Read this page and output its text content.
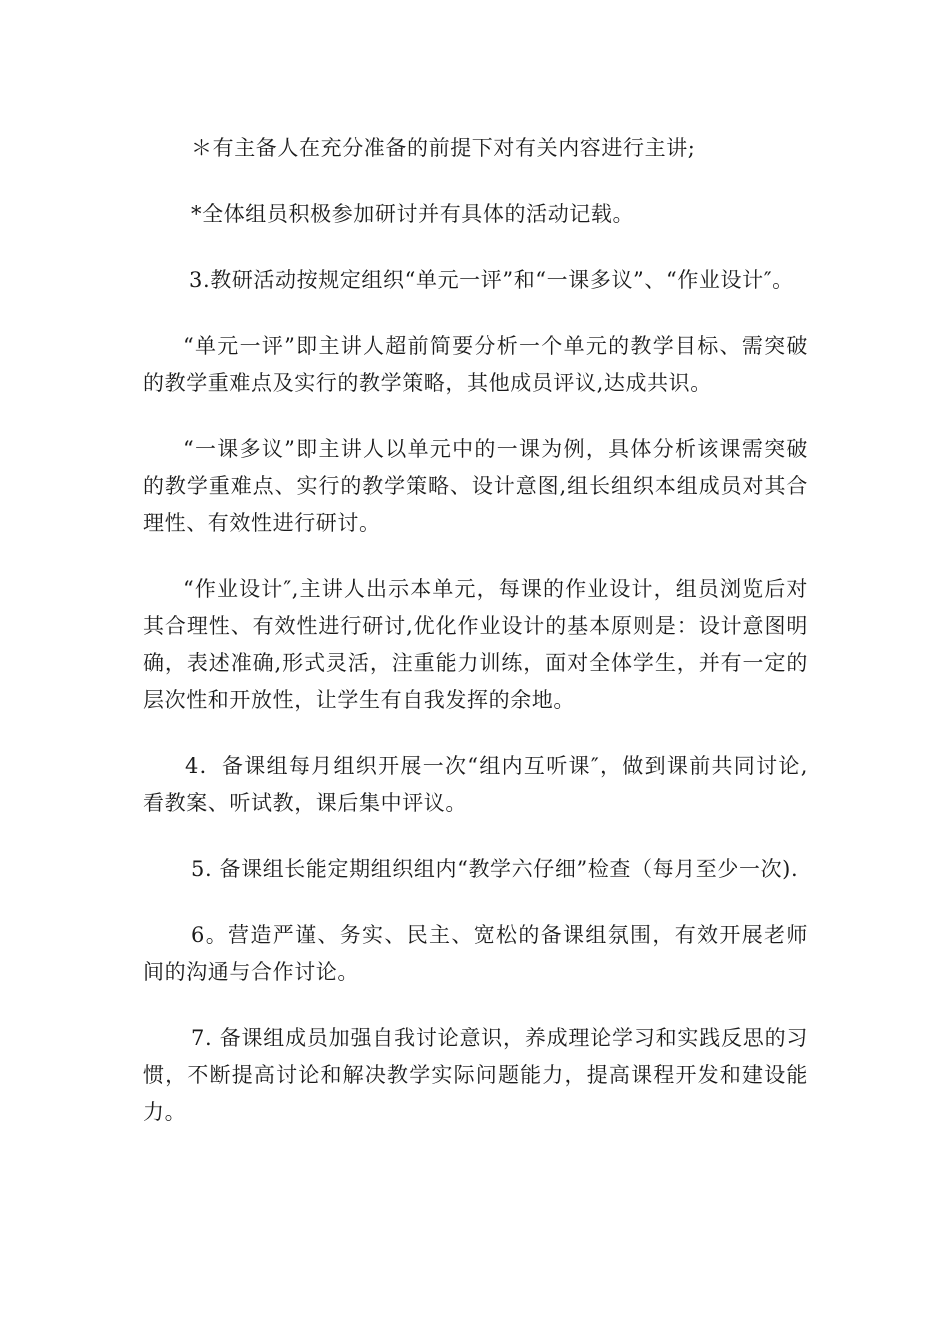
＊有主备人在充分准备的前提下对有关内容进行主讲;

*全体组员积极参加研讨并有具体的活动记载。

3.教研活动按规定组织“单元一评”和“一课多议”、“作业设计″。

“单元一评”即主讲人超前简要分析一个单元的教学目标、需突破的教学重难点及实行的教学策略，其他成员评议,达成共识。

“一课多议”即主讲人以单元中的一课为例，具体分析该课需突破的教学重难点、实行的教学策略、设计意图,组长组织本组成员对其合理性、有效性进行研讨。

“作业设计″,主讲人出示本单元，每课的作业设计，组员浏览后对其合理性、有效性进行研讨,优化作业设计的基本原则是：设计意图明确，表述准确,形式灵活，注重能力训练，面对全体学生，并有一定的层次性和开放性，让学生有自我发挥的余地。

4．备课组每月组织开展一次“组内互听课″，做到课前共同讨论,看教案、听试教，课后集中评议。

5. 备课组长能定期组织组内“教学六仔细”检查（每月至少一次).

6。营造严谨、务实、民主、宽松的备课组氛围，有效开展老师间的沟通与合作讨论。

7. 备课组成员加强自我讨论意识，养成理论学习和实践反思的习惯，不断提高讨论和解决教学实际问题能力，提高课程开发和建设能力。
